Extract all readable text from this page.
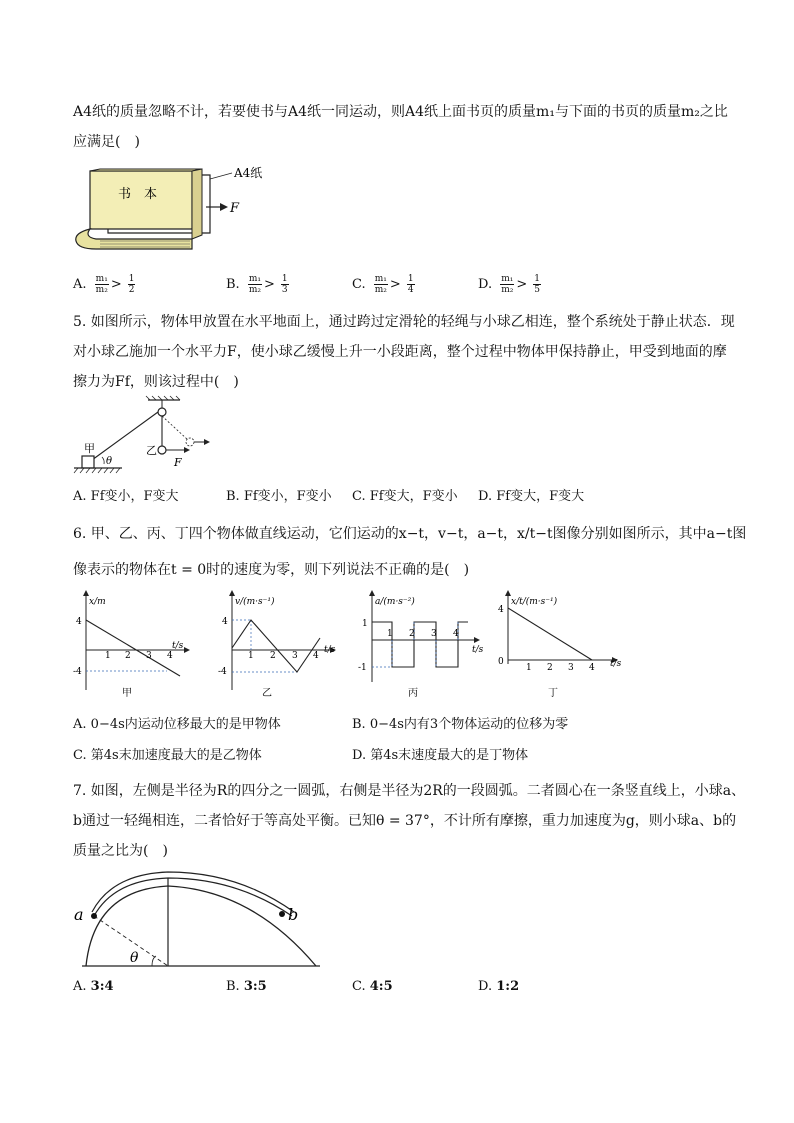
A4纸的质量忽略不计，若要使书与A4纸一同运动，则A4纸上面书页的质量m₁与下面的书页的质量m₂之比
应满足(　)
书　本
A4纸
F
A. $\frac{\text{m₁}}{\text{m₂}} > \frac{1}{2}$	B. $\frac{\text{m₁}}{\text{m₂}} > \frac{1}{3}$	C. $\frac{\text{m₁}}{\text{m₂}} > \frac{1}{4}$	D. $\frac{\text{m₁}}{\text{m₂}} > \frac{1}{5}$
5. 如图所示，物体甲放置在水平地面上，通过跨过定滑轮的轻绳与小球乙相连，整个系统处于静止状态．现
对小球乙施加一个水平力F，使小球乙缓慢上升一小段距离，整个过程中物体甲保持静止，甲受到地面的摩
擦力为Ff，则该过程中(　)
甲
θ
乙
F
A. Ff变小，F变大	B. Ff变小，F变小 C. Ff变大，F变小 D. Ff变大，F变大
6. 甲、乙、丙、丁四个物体做直线运动，它们运动的x−t，v−t，a−t，x/t−t图像分别如图所示，其中a−t图
像表示的物体在t = 0时的速度为零，则下列说法不正确的是(　)
x/m
t/s
4
-4
1 2 3 4
甲
v/(m·s⁻¹)
t/s
4
-4
1 2 3 4
乙
a/(m·s⁻²)
t/s
1
-1
1 2 3 4
丙
x/t/(m·s⁻¹)
t/s
4
0
1 2 3 4
丁
A. 0−4s内运动位移最大的是甲物体	B. 0−4s内有3个物体运动的位移为零
C. 第4s末加速度最大的是乙物体	D. 第4s末速度最大的是丁物体
7. 如图，左侧是半径为R的四分之一圆弧，右侧是半径为2R的一段圆弧。二者圆心在一条竖直线上，小球a、
b通过一轻绳相连，二者恰好于等高处平衡。已知θ = 37°，不计所有摩擦，重力加速度为g，则小球a、b的
质量之比为(　)
a	b
θ
A. 3:4	B. 3:5	C. 4:5	D. 1:2
